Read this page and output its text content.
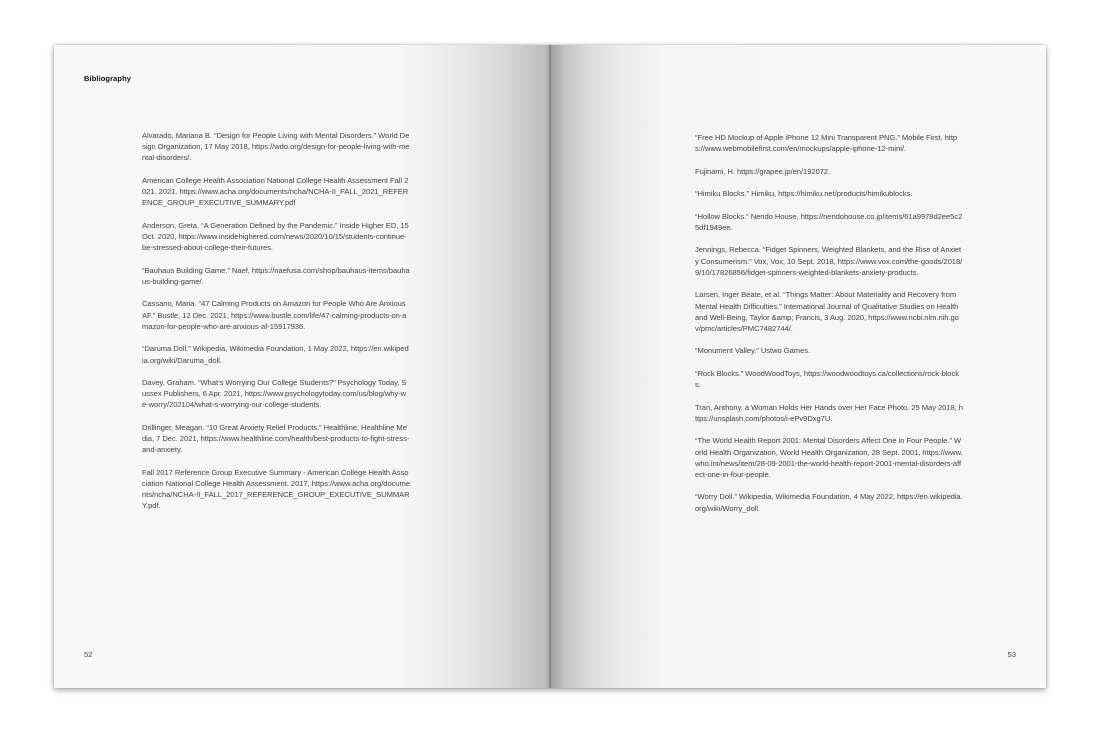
Bibliography
Alvarado, Mariana B. “Design for People Living with Mental Disorders.” World Design Organization, 17 May 2018, https://wdo.org/design-for-people-living-with-mental-disorders/.
American College Health Association National College Health Assessment Fall 2021. 2021. https://www.acha.org/documents/ncha/NCHA-II_FALL_2021_REFERENCE_GROUP_EXECUTIVE_SUMMARY.pdf
Anderson, Greta. “A Generation Defined by the Pandemic.” Inside Higher ED, 15 Oct. 2020, https://www.insidehighered.com/news/2020/10/15/students-continue-be-stressed-about-college-their-futures.
“Bauhaus Building Game.” Naef, https://naefusa.com/shop/bauhaus-items/bauhaus-building-game/.
Cassano, Maria. “47 Calming Products on Amazon for People Who Are Anxious AF.” Bustle, 12 Dec. 2021, https://www.bustle.com/life/47-calming-products-on-amazon-for-people-who-are-anxious-af-15917936.
“Daruma Doll.” Wikipedia, Wikimedia Foundation, 1 May 2022, https://en.wikipedia.org/wiki/Daruma_doll.
Davey, Graham. “What’s Worrying Our College Students?” Psychology Today, Sussex Publishers, 6 Apr. 2021, https://www.psychologytoday.com/us/blog/why-we-worry/202104/what-s-worrying-our-college-students.
Drillinger, Meagan. “10 Great Anxiety Relief Products.” Healthline, Healthline Media, 7 Dec. 2021, https://www.healthline.com/health/best-products-to-fight-stress-and-anxiety.
Fall 2017 Reference Group Executive Summary - American College Health Association National College Health Assessment. 2017, https://www.acha.org/documents/ncha/NCHA-II_FALL_2017_REFERENCE_GROUP_EXECUTIVE_SUMMARY.pdf.
52
“Free HD Mockup of Apple iPhone 12 Mini Transparent PNG.” Mobile First, https://www.webmobilefirst.com/en/mockups/apple-iphone-12-mini/.
Fujinami, H. https://grapee.jp/en/192072.
“Himiku Blocks.” Himiku, https://himiku.net/products/himikublocks.
“Hollow Blocks.” Nendo House, https://nendohouse.co.jp/items/61a9978d2ee5c25df1949ee.
Jennings, Rebecca. “Fidget Spinners, Weighted Blankets, and the Rise of Anxiety Consumerism.” Vox, Vox, 10 Sept. 2018, https://www.vox.com/the-goods/2018/9/10/17826856/fidget-spinners-weighted-blankets-anxiety-products.
Larsen, Inger Beate, et al. “Things Matter: About Materiality and Recovery from Mental Health Difficulties.” International Journal of Qualitative Studies on Health and Well-Being, Taylor &amp; Francis, 3 Aug. 2020, https://www.ncbi.nlm.nih.gov/pmc/articles/PMC7482744/.
“Monument Valley.” Ustwo Games.
“Rock Blocks.” WoodWoodToys, https://woodwoodtoys.ca/collections/rock-blocks.
Tran, Anthony. a Woman Holds Her Hands over Her Face Photo. 25 May 2018, https://unsplash.com/photos/i-ePv9Dxg7U.
“The World Health Report 2001: Mental Disorders Affect One in Four People.” World Health Organization, World Health Organization, 28 Sept. 2001, https://www.who.int/news/item/28-09-2001-the-world-health-report-2001-mental-disorders-affect-one-in-four-people.
“Worry Doll.” Wikipedia, Wikimedia Foundation, 4 May 2022, https://en.wikipedia.org/wiki/Worry_doll.
53
